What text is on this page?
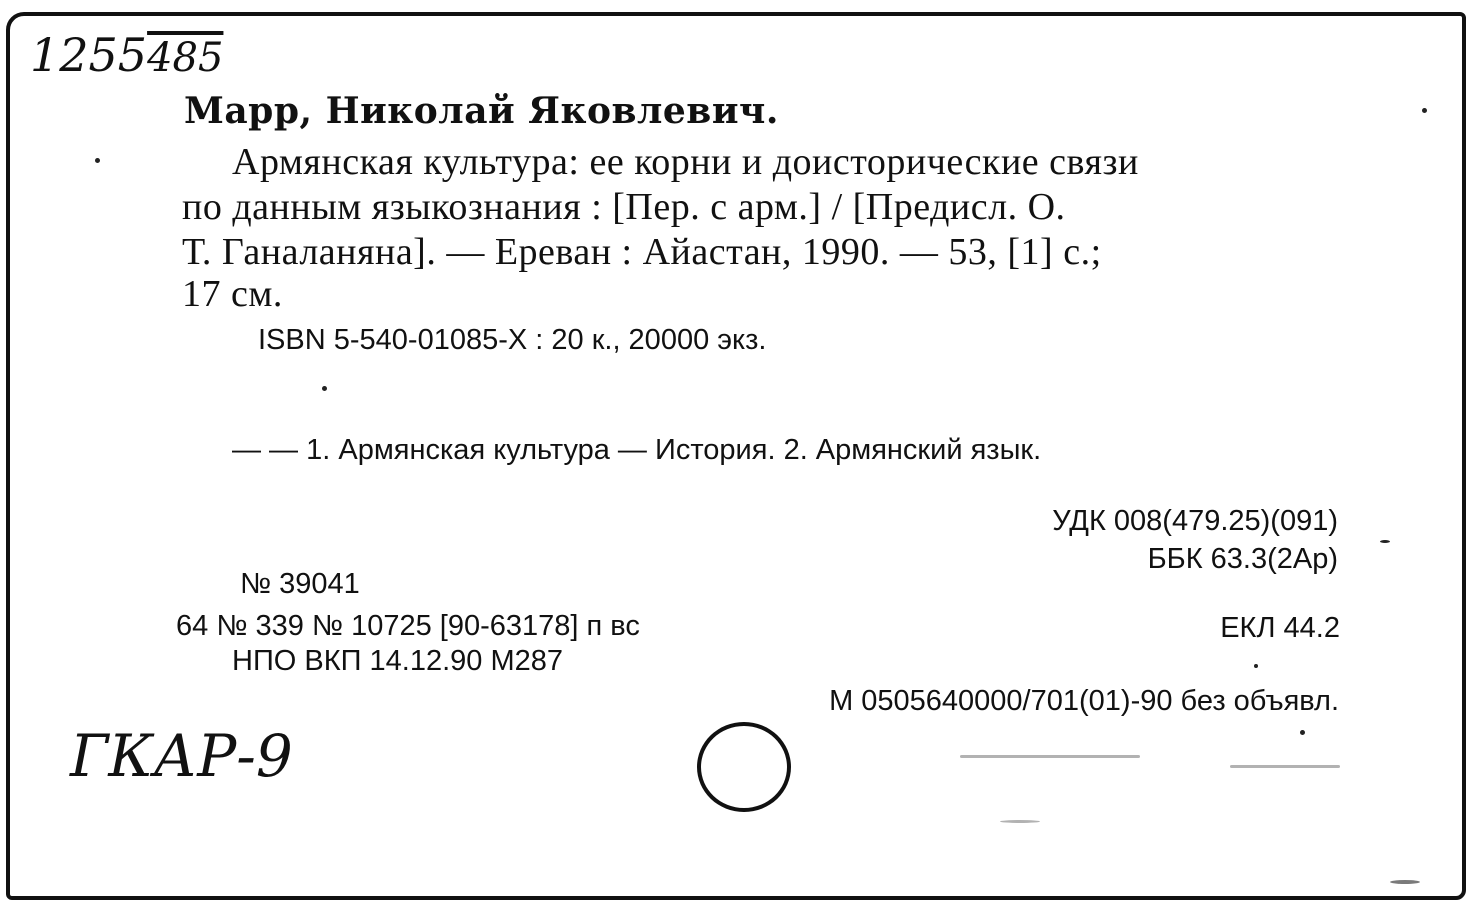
1255485
Марр, Николай Яковлевич.
Армянская культура: ее корни и доисторические связи
по данным языкознания : [Пер. с арм.] / [Предисл. О.
Т. Ганаланяна]. — Ереван : Айастан, 1990. — 53, [1] с.;
17 см.
ISBN 5-540-01085-X : 20 к., 20000 экз.
— — 1. Армянская культура — История. 2. Армянский язык.
УДК 008(479.25)(091)
ББК 63.3(2Ар)
№ 39041
64 № 339 № 10725 [90-63178] п вс	ЕКЛ 44.2
НПО ВКП 14.12.90 М287
М 0505640000/701(01)-90 без объявл.
ГКАР-9
